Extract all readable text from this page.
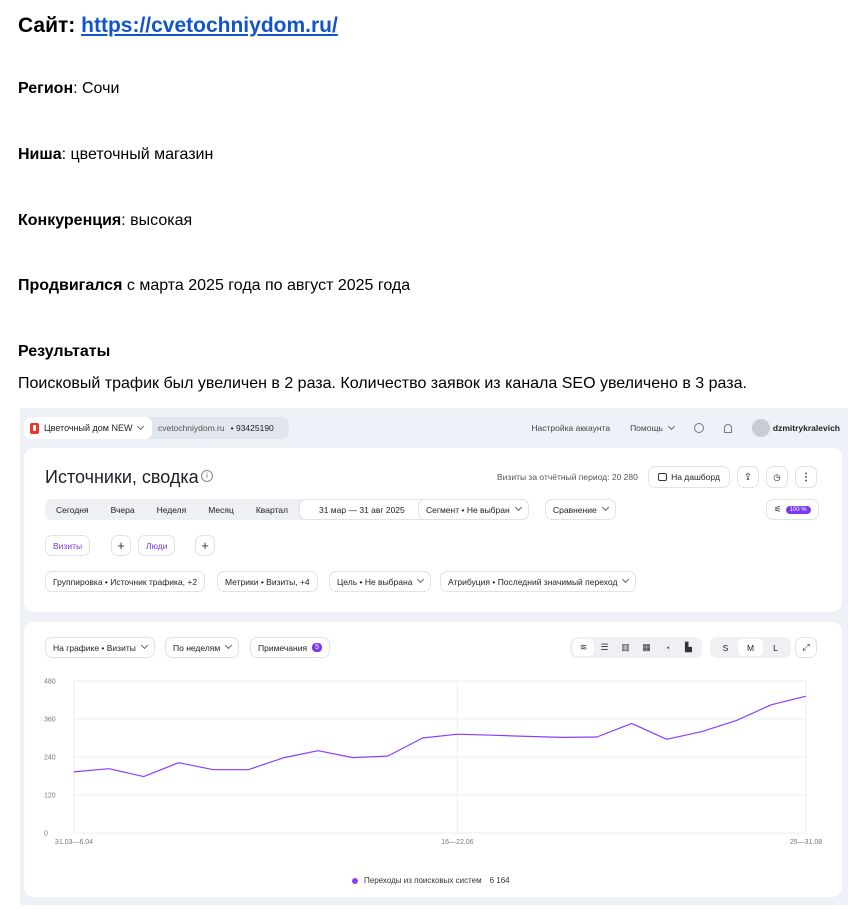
Сайт: https://cvetochniydom.ru/
Регион: Сочи
Ниша: цветочный магазин
Конкуренция: высокая
Продвигался с марта 2025 года по август 2025 года
Результаты
Поисковый трафик был увеличен в 2 раза. Количество заявок из канала SEO увеличено в 3 раза.
Цветочный дом NEW	cvetochniydom.ru • 93425190	Настройка аккаунта Помощь	dzmitrykralevich
Источники, сводка i	Визиты за отчётный период: 20 280	На дашборд ⇪ ◷ ⋮
Сегодня	Вчера	Неделя	Месяц	Квартал	31 мар — 31 авг 2025	Сегмент • Не выбран	Сравнение	⚟	100 %
Визиты	+ Люди	+
Группировка • Источник трафика, +2	Метрики • Визиты, +4	Цель • Не выбрана	Атрибуция • Последний значимый переход
На графике • Визиты	По неделям	Примечания	5	≋	☰	▥	▦	◔	▙	S	M	L	⤢
0
120
240
360
480
31.03—6.04	16—22.06	25—31.08
Переходы из поисковых систем 6 164
